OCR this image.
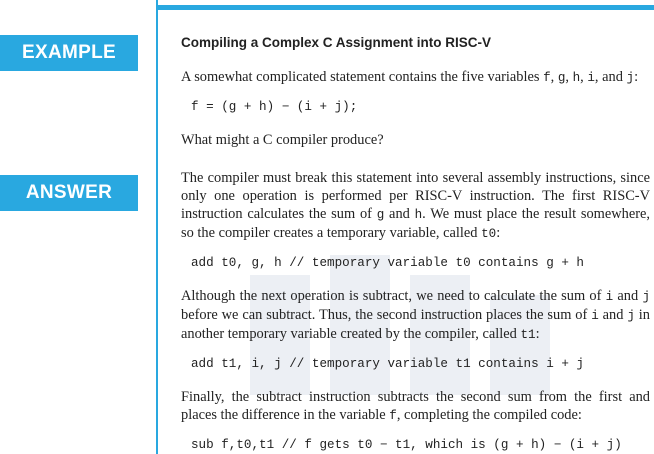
EXAMPLE
ANSWER
Compiling a Complex C Assignment into RISC-V

A somewhat complicated statement contains the five variables f, g, h, i, and j:

f = (g + h) − (i + j);

What might a C compiler produce?

The compiler must break this statement into several assembly instructions, since only one operation is performed per RISC-V instruction. The first RISC-V instruction calculates the sum of g and h. We must place the result somewhere, so the compiler creates a temporary variable, called t0:

add t0, g, h // temporary variable t0 contains g + h

Although the next operation is subtract, we need to calculate the sum of i and j before we can subtract. Thus, the second instruction places the sum of i and j in another temporary variable created by the compiler, called t1:

add t1, i, j // temporary variable t1 contains i + j

Finally, the subtract instruction subtracts the second sum from the first and places the difference in the variable f, completing the compiled code:

sub f,t0,t1 // f gets t0 − t1, which is (g + h) − (i + j)
